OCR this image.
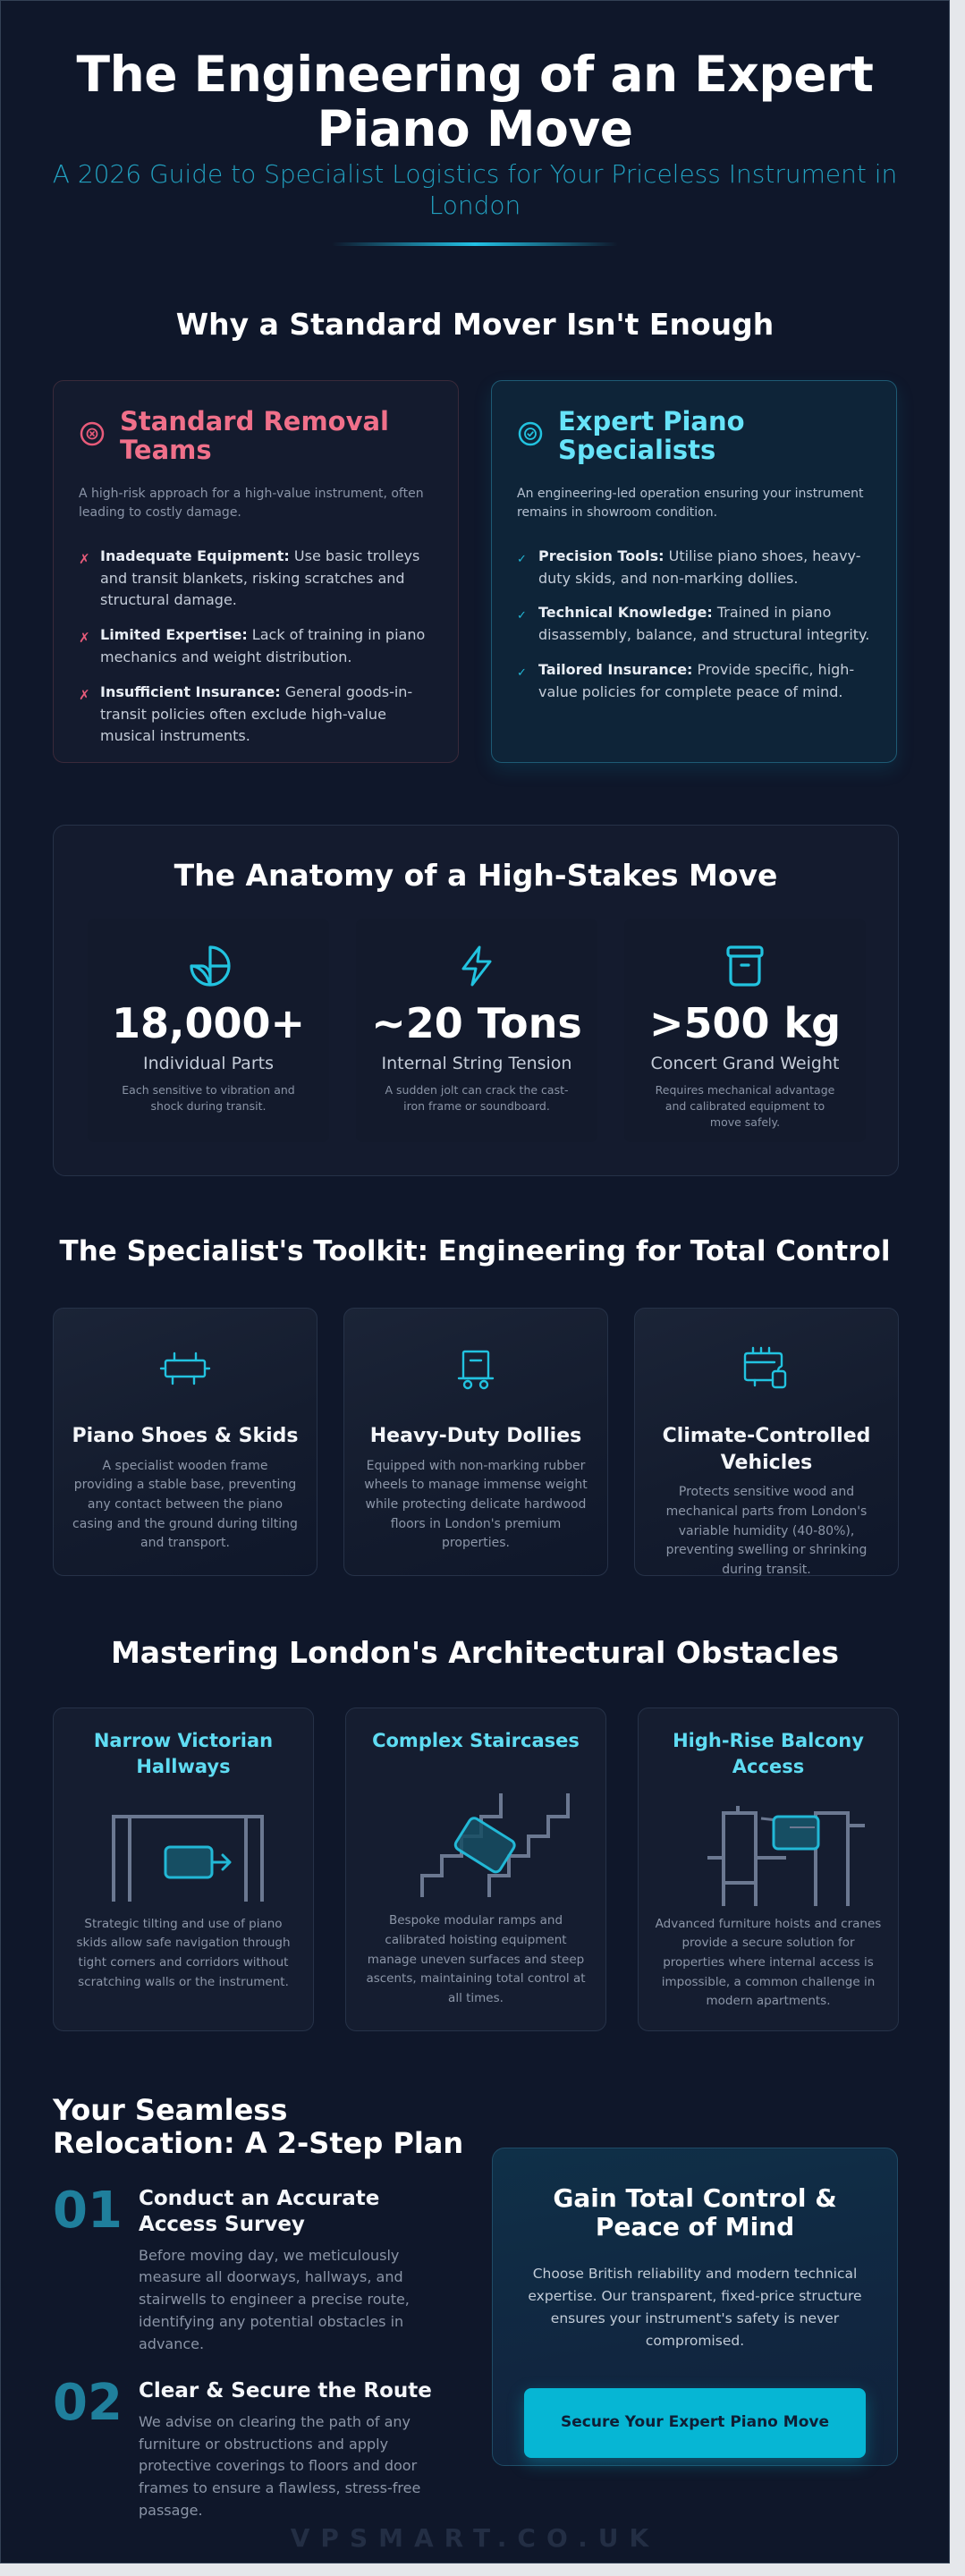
The Engineering of an Expert Piano Move

A 2026 Guide to Specialist Logistics for Your Priceless Instrument in London

Why a Standard Mover Isn't Enough
Standard Removal Teams

A high-risk approach for a high-value instrument, often leading to costly damage.

✗ Inadequate Equipment: Use basic trolleys and transit blankets, risking scratches and structural damage.
✗ Limited Expertise: Lack of training in piano mechanics and weight distribution.
✗ Insufficient Insurance: General goods-in-transit policies often exclude high-value musical instruments.
Expert Piano Specialists

An engineering-led operation ensuring your instrument remains in showroom condition.

✓ Precision Tools: Utilise piano shoes, heavy-duty skids, and non-marking dollies.
✓ Technical Knowledge: Trained in piano disassembly, balance, and structural integrity.
✓ Tailored Insurance: Provide specific, high-value policies for complete peace of mind.
The Anatomy of a High-Stakes Move
18,000+
Individual Parts
Each sensitive to vibration and shock during transit.
~20 Tons
Internal String Tension
A sudden jolt can crack the cast-iron frame or soundboard.
>500 kg
Concert Grand Weight
Requires mechanical advantage and calibrated equipment to move safely.
The Specialist's Toolkit: Engineering for Total Control
Piano Shoes & Skids
A specialist wooden frame providing a stable base, preventing any contact between the piano casing and the ground during tilting and transport.
Heavy-Duty Dollies
Equipped with non-marking rubber wheels to manage immense weight while protecting delicate hardwood floors in London's premium properties.
Climate-Controlled Vehicles
Protects sensitive wood and mechanical parts from London's variable humidity (40-80%), preventing swelling or shrinking during transit.
Mastering London's Architectural Obstacles
Narrow Victorian Hallways
Strategic tilting and use of piano skids allow safe navigation through tight corners and corridors without scratching walls or the instrument.
Complex Staircases
Bespoke modular ramps and calibrated hoisting equipment manage uneven surfaces and steep ascents, maintaining total control at all times.
High-Rise Balcony Access
Advanced furniture hoists and cranes provide a secure solution for properties where internal access is impossible, a common challenge in modern apartments.
Your Seamless Relocation: A 2-Step Plan
01 Conduct an Accurate Access Survey
Before moving day, we meticulously measure all doorways, hallways, and stairwells to engineer a precise route, identifying any potential obstacles in advance.
02 Clear & Secure the Route
We advise on clearing the path of any furniture or obstructions and apply protective coverings to floors and door frames to ensure a flawless, stress-free passage.
Gain Total Control & Peace of Mind
Choose British reliability and modern technical expertise. Our transparent, fixed-price structure ensures your instrument's safety is never compromised.
Secure Your Expert Piano Move
VPSMART.CO.UK
